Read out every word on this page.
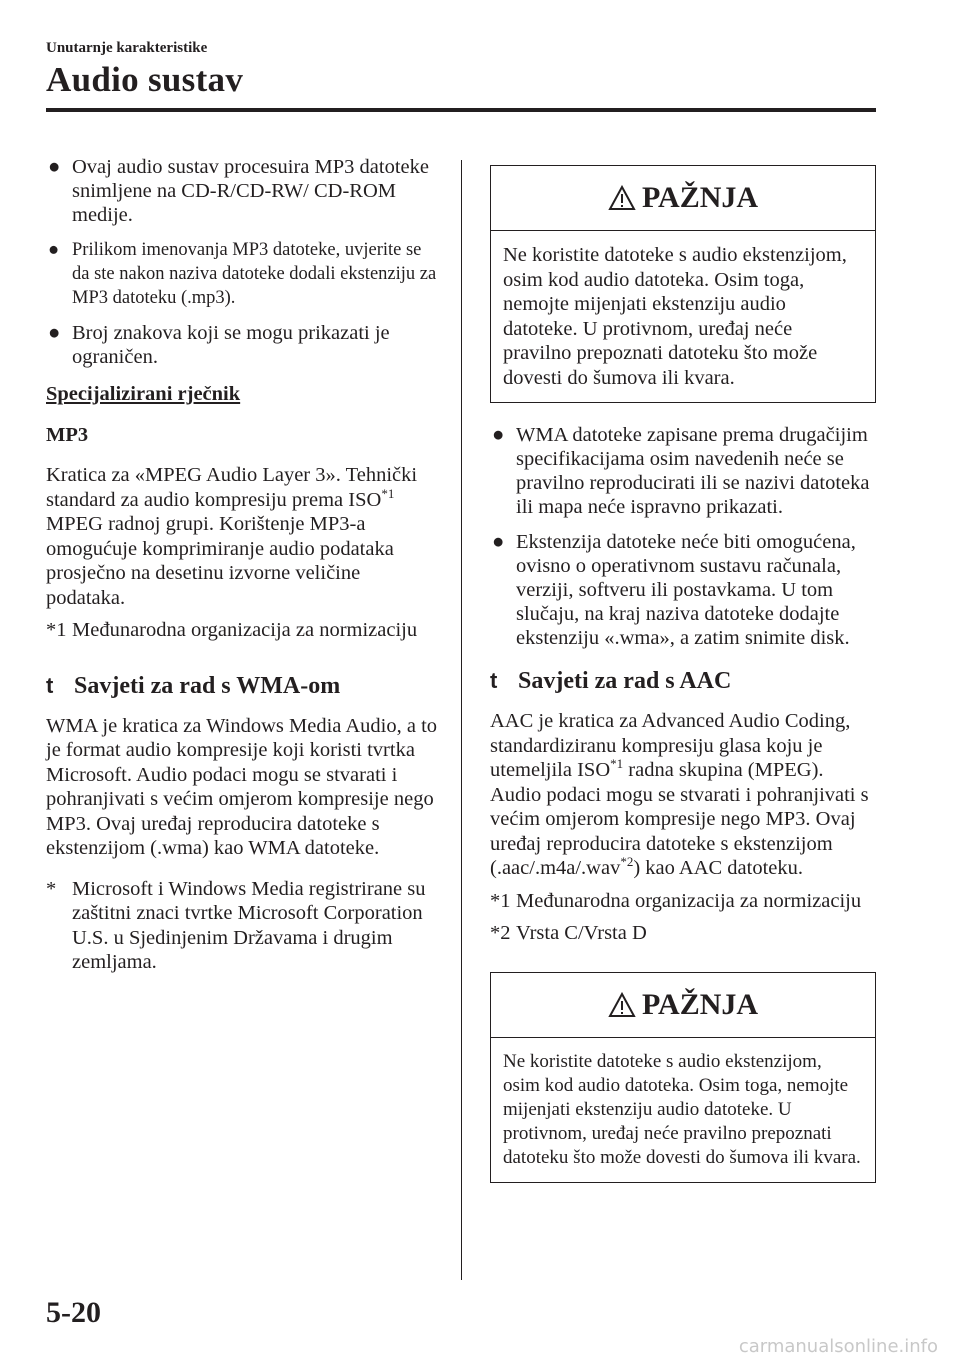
Unutarnje karakteristike
Audio sustav
● Ovaj audio sustav procesuira MP3 datoteke snimljene na CD-R/CD-RW/ CD-ROM medije.
● Prilikom imenovanja MP3 datoteke, uvjerite se da ste nakon naziva datoteke dodali ekstenziju za MP3 datoteku (.mp3).
● Broj znakova koji se mogu prikazati je ograničen.
Specijalizirani rječnik
MP3

Kratica za «MPEG Audio Layer 3». Tehnički standard za audio kompresiju prema ISO$^{*1}$
MPEG radnoj grupi. Korištenje MP3-a omogućuje komprimiranje audio podataka prosječno na desetinu izvorne veličine podataka.

*1 Međunarodna organizacija za normizaciju
t Savjeti za rad s WMA-om

WMA je kratica za Windows Media Audio, a to je format audio kompresije koji koristi tvrtka Microsoft. Audio podaci mogu se stvarati i pohranjivati s većim omjerom kompresije nego MP3. Ovaj uređaj reproducira datoteke s ekstenzijom (.wma) kao WMA datoteke.

* Microsoft i Windows Media registrirane su zaštitni znaci tvrtke Microsoft Corporation U.S. u Sjedinjenim Državama i drugim zemljama.
PAŽNJA
Ne koristite datoteke s audio ekstenzijom, osim kod audio datoteka. Osim toga, nemojte mijenjati ekstenziju audio datoteke. U protivnom, uređaj neće pravilno prepoznati datoteku što može dovesti do šumova ili kvara.
● WMA datoteke zapisane prema drugačijim specifikacijama osim navedenih neće se pravilno reproducirati ili se nazivi datoteka ili mapa neće ispravno prikazati.
● Ekstenzija datoteke neće biti omogućena, ovisno o operativnom sustavu računala, verziji, softveru ili postavkama. U tom slučaju, na kraj naziva datoteke dodajte ekstenziju «.wma», a zatim snimite disk.
t Savjeti za rad s AAC

AAC je kratica za Advanced Audio Coding, standardiziranu kompresiju glasa koju je utemeljila ISO$^{*1}$ radna skupina (MPEG). Audio podaci mogu se stvarati i pohranjivati s većim omjerom kompresije nego MP3. Ovaj uređaj reproducira datoteke s ekstenzijom (.aac/.m4a/.wav$^{*2}$) kao AAC datoteku.

*1 Međunarodna organizacija za normizaciju
*2 Vrsta C/Vrsta D
PAŽNJA
Ne koristite datoteke s audio ekstenzijom, osim kod audio datoteka. Osim toga, nemojte mijenjati ekstenziju audio datoteke. U protivnom, uređaj neće pravilno prepoznati datoteku što može dovesti do šumova ili kvara.
5-20
carmanualsonline.info
